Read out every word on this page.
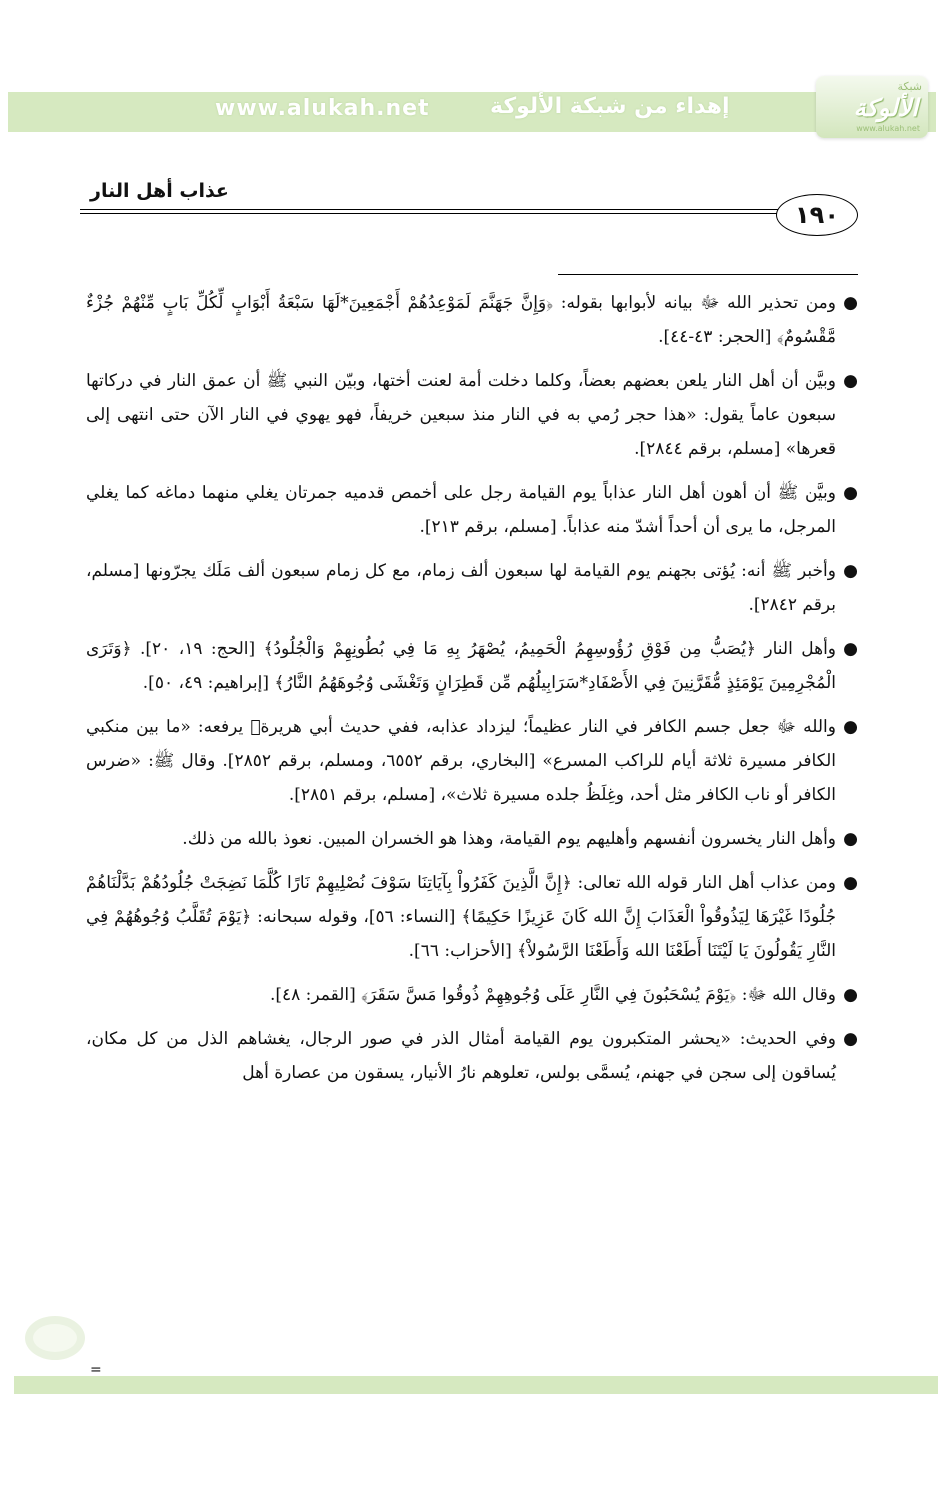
www.alukah.net	إهداء من شبكة الألوكة
شبكة
الألوكة
www.alukah.net
عذاب أهل النار
١٩٠
●
ومن تحذير الله ﷻ بيانه لأبوابها بقوله: ﴿وَإِنَّ جَهَنَّمَ لَمَوْعِدُهُمْ أَجْمَعِينَ*لَهَا سَبْعَةُ أَبْوَابٍ لِّكُلِّ بَابٍ مِّنْهُمْ جُزْءٌ مَّقْسُومٌ﴾ [الحجر: ٤٣-٤٤].
●
وبيَّن أن أهل النار يلعن بعضهم بعضاً، وكلما دخلت أمة لعنت أختها، وبيّن النبي ﷺ أن عمق النار في دركاتها سبعون عاماً يقول: «هذا حجر رُمي به في النار منذ سبعين خريفاً، فهو يهوي في النار الآن حتى انتهى إلى قعرها» [مسلم، برقم ٢٨٤٤].
●
وبيَّن ﷺ أن أهون أهل النار عذاباً يوم القيامة رجل على أخمص قدميه جمرتان يغلي منهما دماغه كما يغلي المرجل، ما يرى أن أحداً أشدّ منه عذاباً. [مسلم، برقم ٢١٣].
●
وأخبر ﷺ أنه: يُؤتى بجهنم يوم القيامة لها سبعون ألف زمام، مع كل زمام سبعون ألف مَلَك يجرّونها [مسلم، برقم ٢٨٤٢].
●
وأهل النار ﴿يُصَبُّ مِن فَوْقِ رُؤُوسِهِمُ الْحَمِيمُ، يُصْهَرُ بِهِ مَا فِي بُطُونِهِمْ وَالْجُلُودُ﴾ [الحج: ١٩، ٢٠]. ﴿وَتَرَى الْمُجْرِمِينَ يَوْمَئِذٍ مُّقَرَّنِينَ فِي الأَصْفَادِ*سَرَابِيلُهُم مِّن قَطِرَانٍ وَتَغْشَى وُجُوهَهُمُ النَّارُ﴾ [إبراهيم: ٤٩، ٥٠].
●
والله ﷻ جعل جسم الكافر في النار عظيماً؛ ليزداد عذابه، ففي حديث أبي هريرة﷛ يرفعه: «ما بين منكبي الكافر مسيرة ثلاثة أيام للراكب المسرع» [البخاري، برقم ٦٥٥٢، ومسلم، برقم ٢٨٥٢]. وقال ﷺ: «ضرس الكافر أو ناب الكافر مثل أحد، وغِلَظُ جلده مسيرة ثلاث»، [مسلم، برقم ٢٨٥١].
●
وأهل النار يخسرون أنفسهم وأهليهم يوم القيامة، وهذا هو الخسران المبين. نعوذ بالله من ذلك.
●
ومن عذاب أهل النار قوله الله تعالى: ﴿إِنَّ الَّذِينَ كَفَرُواْ بِآيَاتِنَا سَوْفَ نُصْلِيهِمْ نَارًا كُلَّمَا نَضِجَتْ جُلُودُهُمْ بَدَّلْنَاهُمْ جُلُودًا غَيْرَهَا لِيَذُوقُواْ الْعَذَابَ إِنَّ الله كَانَ عَزِيزًا حَكِيمًا﴾ [النساء: ٥٦]، وقوله سبحانه: ﴿يَوْمَ تُقَلَّبُ وُجُوهُهُمْ فِي النَّارِ يَقُولُونَ يَا لَيْتَنَا أَطَعْنَا الله وَأَطَعْنَا الرَّسُولاْ﴾ [الأحزاب: ٦٦].
●
وقال الله ﷻ: ﴿يَوْمَ يُسْحَبُونَ فِي النَّارِ عَلَى وُجُوهِهِمْ ذُوقُوا مَسَّ سَقَرَ﴾ [القمر: ٤٨].
●
وفي الحديث: «يحشر المتكبرون يوم القيامة أمثال الذر في صور الرجال، يغشاهم الذل من كل مكان، يُساقون إلى سجن في جهنم، يُسمَّى بولس، تعلوهم نارُ الأنيار، يسقون من عصارة أهل
=
